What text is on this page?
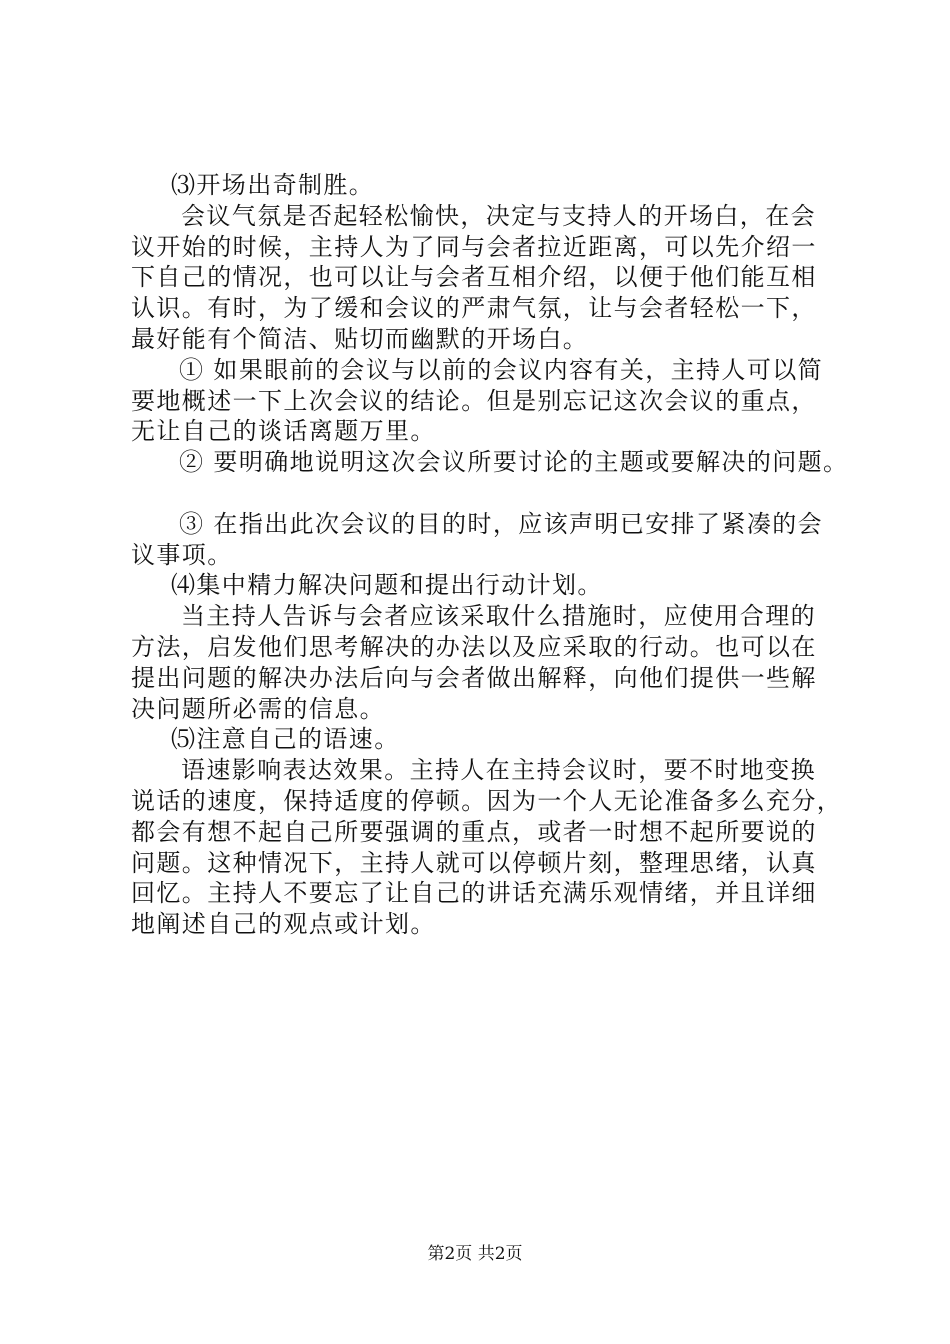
⑶开场出奇制胜。
会议气氛是否起轻松愉快，决定与支持人的开场白，在会
议开始的时候，主持人为了同与会者拉近距离，可以先介绍一
下自己的情况，也可以让与会者互相介绍，以便于他们能互相
认识。有时，为了缓和会议的严肃气氛，让与会者轻松一下，
最好能有个简洁、贴切而幽默的开场白。
① 如果眼前的会议与以前的会议内容有关，主持人可以简
要地概述一下上次会议的结论。但是别忘记这次会议的重点，
无让自己的谈话离题万里。
② 要明确地说明这次会议所要讨论的主题或要解决的问题。
③ 在指出此次会议的目的时，应该声明已安排了紧凑的会
议事项。
⑷集中精力解决问题和提出行动计划。
当主持人告诉与会者应该采取什么措施时，应使用合理的
方法，启发他们思考解决的办法以及应采取的行动。也可以在
提出问题的解决办法后向与会者做出解释，向他们提供一些解
决问题所必需的信息。
⑸注意自己的语速。
语速影响表达效果。主持人在主持会议时，要不时地变换
说话的速度，保持适度的停顿。因为一个人无论准备多么充分，
都会有想不起自己所要强调的重点，或者一时想不起所要说的
问题。这种情况下，主持人就可以停顿片刻，整理思绪，认真
回忆。主持人不要忘了让自己的讲话充满乐观情绪，并且详细
地阐述自己的观点或计划。
第2页 共2页
